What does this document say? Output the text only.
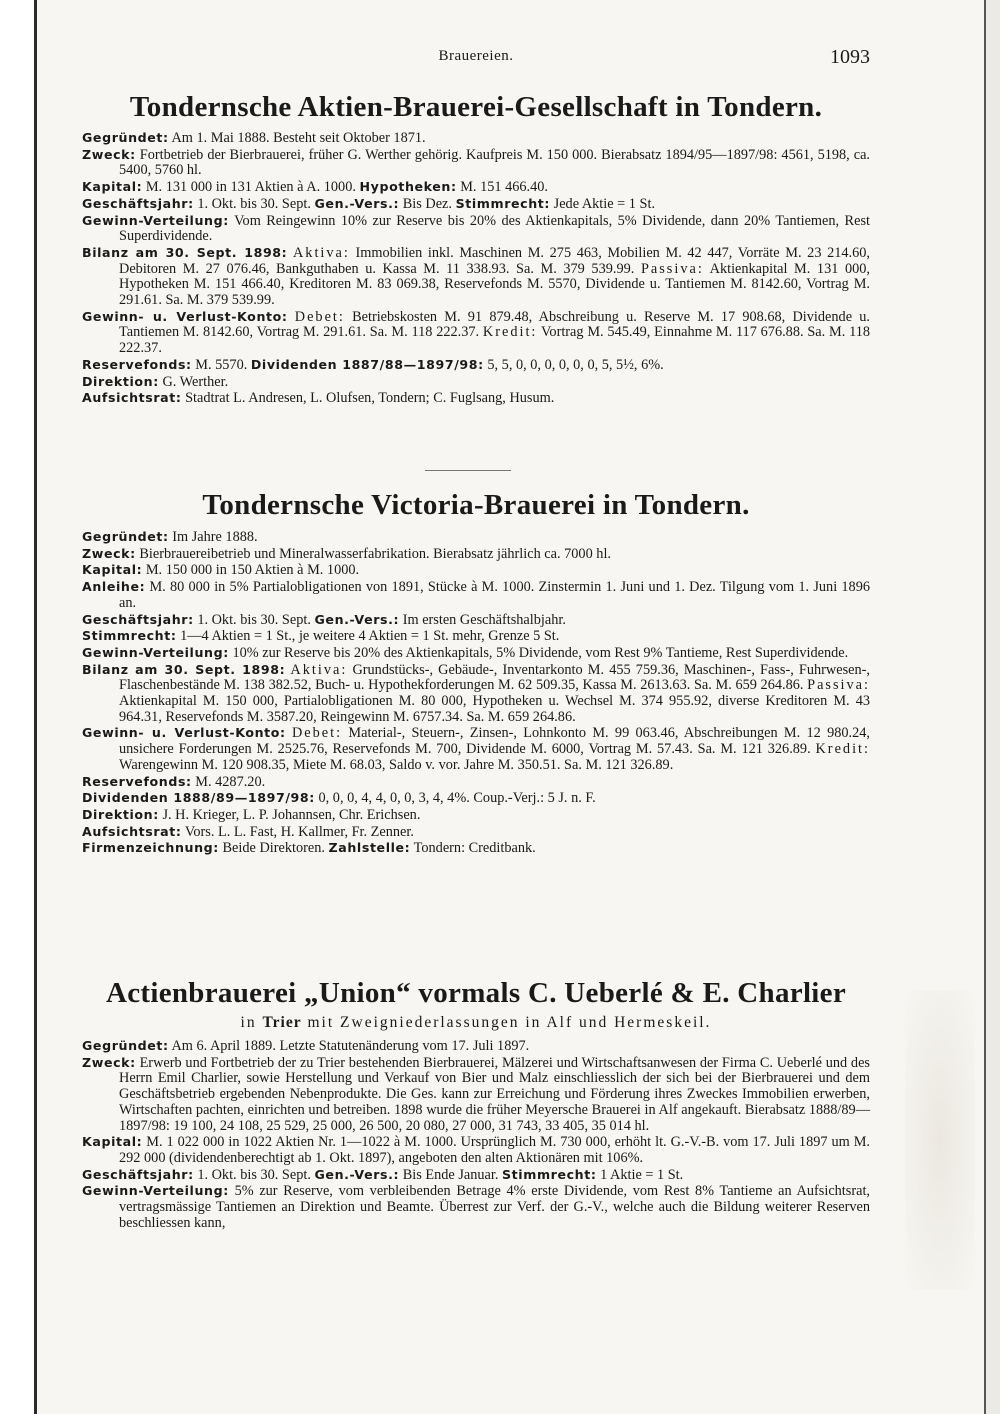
Brauereien.	1093
Tondernsche Aktien-Brauerei-Gesellschaft in Tondern.

Gegründet: Am 1. Mai 1888. Besteht seit Oktober 1871.

Zweck: Fortbetrieb der Bierbrauerei, früher G. Werther gehörig. Kaufpreis M. 150 000. Bierabsatz 1894/95—1897/98: 4561, 5198, ca. 5400, 5760 hl.

Kapital: M. 131 000 in 131 Aktien à A. 1000. Hypotheken: M. 151 466.40.

Geschäftsjahr: 1. Okt. bis 30. Sept. Gen.-Vers.: Bis Dez. Stimmrecht: Jede Aktie = 1 St.

Gewinn-Verteilung: Vom Reingewinn 10% zur Reserve bis 20% des Aktienkapitals, 5% Dividende, dann 20% Tantiemen, Rest Superdividende.

Bilanz am 30. Sept. 1898: Aktiva: Immobilien inkl. Maschinen M. 275 463, Mobilien M. 42 447, Vorräte M. 23 214.60, Debitoren M. 27 076.46, Bankguthaben u. Kassa M. 11 338.93. Sa. M. 379 539.99. Passiva: Aktienkapital M. 131 000, Hypotheken M. 151 466.40, Kreditoren M. 83 069.38, Reservefonds M. 5570, Dividende u. Tantiemen M. 8142.60, Vortrag M. 291.61. Sa. M. 379 539.99.

Gewinn- u. Verlust-Konto: Debet: Betriebskosten M. 91 879.48, Abschreibung u. Reserve M. 17 908.68, Dividende u. Tantiemen M. 8142.60, Vortrag M. 291.61. Sa. M. 118 222.37. Kredit: Vortrag M. 545.49, Einnahme M. 117 676.88. Sa. M. 118 222.37.

Reservefonds: M. 5570. Dividenden 1887/88—1897/98: 5, 5, 0, 0, 0, 0, 0, 0, 5, 5½, 6%.

Direktion: G. Werther.

Aufsichtsrat: Stadtrat L. Andresen, L. Olufsen, Tondern; C. Fuglsang, Husum.

Tondernsche Victoria-Brauerei in Tondern.

Gegründet: Im Jahre 1888.

Zweck: Bierbrauereibetrieb und Mineralwasserfabrikation. Bierabsatz jährlich ca. 7000 hl.

Kapital: M. 150 000 in 150 Aktien à M. 1000.

Anleihe: M. 80 000 in 5% Partialobligationen von 1891, Stücke à M. 1000. Zinstermin 1. Juni und 1. Dez. Tilgung vom 1. Juni 1896 an.

Geschäftsjahr: 1. Okt. bis 30. Sept. Gen.-Vers.: Im ersten Geschäftshalbjahr.

Stimmrecht: 1—4 Aktien = 1 St., je weitere 4 Aktien = 1 St. mehr, Grenze 5 St.

Gewinn-Verteilung: 10% zur Reserve bis 20% des Aktienkapitals, 5% Dividende, vom Rest 9% Tantieme, Rest Superdividende.

Bilanz am 30. Sept. 1898: Aktiva: Grundstücks-, Gebäude-, Inventarkonto M. 455 759.36, Maschinen-, Fass-, Fuhrwesen-, Flaschenbestände M. 138 382.52, Buch- u. Hypothekforderungen M. 62 509.35, Kassa M. 2613.63. Sa. M. 659 264.86. Passiva: Aktienkapital M. 150 000, Partialobligationen M. 80 000, Hypotheken u. Wechsel M. 374 955.92, diverse Kreditoren M. 43 964.31, Reservefonds M. 3587.20, Reingewinn M. 6757.34. Sa. M. 659 264.86.

Gewinn- u. Verlust-Konto: Debet: Material-, Steuern-, Zinsen-, Lohnkonto M. 99 063.46, Abschreibungen M. 12 980.24, unsichere Forderungen M. 2525.76, Reservefonds M. 700, Dividende M. 6000, Vortrag M. 57.43. Sa. M. 121 326.89. Kredit: Warengewinn M. 120 908.35, Miete M. 68.03, Saldo v. vor. Jahre M. 350.51. Sa. M. 121 326.89.

Reservefonds: M. 4287.20.

Dividenden 1888/89—1897/98: 0, 0, 0, 4, 4, 0, 0, 3, 4, 4%. Coup.-Verj.: 5 J. n. F.

Direktion: J. H. Krieger, L. P. Johannsen, Chr. Erichsen.

Aufsichtsrat: Vors. L. L. Fast, H. Kallmer, Fr. Zenner.

Firmenzeichnung: Beide Direktoren. Zahlstelle: Tondern: Creditbank.

Actienbrauerei „Union“ vormals C. Ueberlé & E. Charlier

in Trier mit Zweigniederlassungen in Alf und Hermeskeil.

Gegründet: Am 6. April 1889. Letzte Statutenänderung vom 17. Juli 1897.

Zweck: Erwerb und Fortbetrieb der zu Trier bestehenden Bierbrauerei, Mälzerei und Wirtschaftsanwesen der Firma C. Ueberlé und des Herrn Emil Charlier, sowie Herstellung und Verkauf von Bier und Malz einschliesslich der sich bei der Bierbrauerei und dem Geschäftsbetrieb ergebenden Nebenprodukte. Die Ges. kann zur Erreichung und Förderung ihres Zweckes Immobilien erwerben, Wirtschaften pachten, einrichten und betreiben. 1898 wurde die früher Meyersche Brauerei in Alf angekauft. Bierabsatz 1888/89—1897/98: 19 100, 24 108, 25 529, 25 000, 26 500, 20 080, 27 000, 31 743, 33 405, 35 014 hl.

Kapital: M. 1 022 000 in 1022 Aktien Nr. 1—1022 à M. 1000. Ursprünglich M. 730 000, erhöht lt. G.-V.-B. vom 17. Juli 1897 um M. 292 000 (dividendenberechtigt ab 1. Okt. 1897), angeboten den alten Aktionären mit 106%.

Geschäftsjahr: 1. Okt. bis 30. Sept. Gen.-Vers.: Bis Ende Januar. Stimmrecht: 1 Aktie = 1 St.

Gewinn-Verteilung: 5% zur Reserve, vom verbleibenden Betrage 4% erste Dividende, vom Rest 8% Tantieme an Aufsichtsrat, vertragsmässige Tantiemen an Direktion und Beamte. Überrest zur Verf. der G.-V., welche auch die Bildung weiterer Reserven beschliessen kann,
